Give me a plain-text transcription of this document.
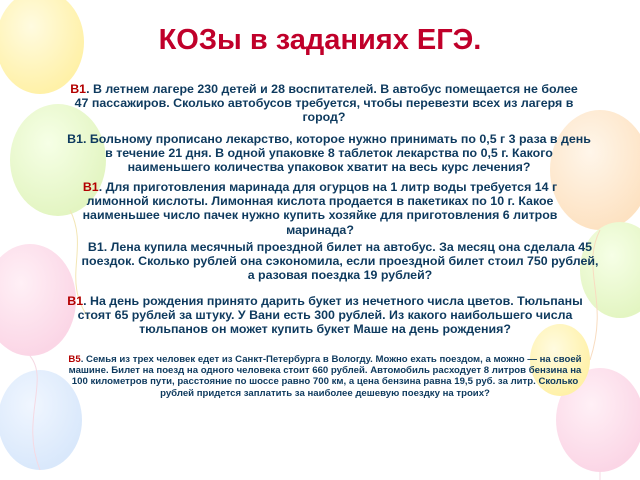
КОЗы в заданиях ЕГЭ.

В1. В летнем лагере 230 детей и 28 воспитателей. В автобус помещается не более 47 пассажиров. Сколько автобусов требуется, чтобы перевезти всех из лагеря в город?

В1. Больному прописано лекарство, которое нужно принимать по 0,5 г 3 раза в день в течение 21 дня. В одной упаковке 8 таблеток лекарства по 0,5 г. Какого наименьшего количества упаковок хватит на весь курс лечения?

В1. Для приготовления маринада для огурцов на 1 литр воды требуется 14 г лимонной кислоты. Лимонная кислота продается в пакетиках по 10 г. Какое наименьшее число пачек нужно купить хозяйке для приготовления 6 литров маринада?

В1. Лена купила месячный проездной билет на автобус. За месяц она сделала 45 поездок. Сколько рублей она сэкономила, если проездной билет стоил 750 рублей, а разовая поездка 19 рублей?

В1. На день рождения принято дарить букет из нечетного числа цветов. Тюльпаны стоят 65 рублей за штуку. У Вани есть 300 рублей. Из какого наибольшего числа тюльпанов он может купить букет Маше на день рождения?

В5. Семья из трех человек едет из Санкт-Петербурга в Вологду. Можно ехать поездом, а можно — на своей машине. Билет на поезд на одного человека стоит 660 рублей. Автомобиль расходует 8 литров бензина на 100 километров пути, расстояние по шоссе равно 700 км, а цена бензина равна 19,5 руб. за литр. Сколько рублей придется заплатить за наиболее дешевую поездку на троих?
